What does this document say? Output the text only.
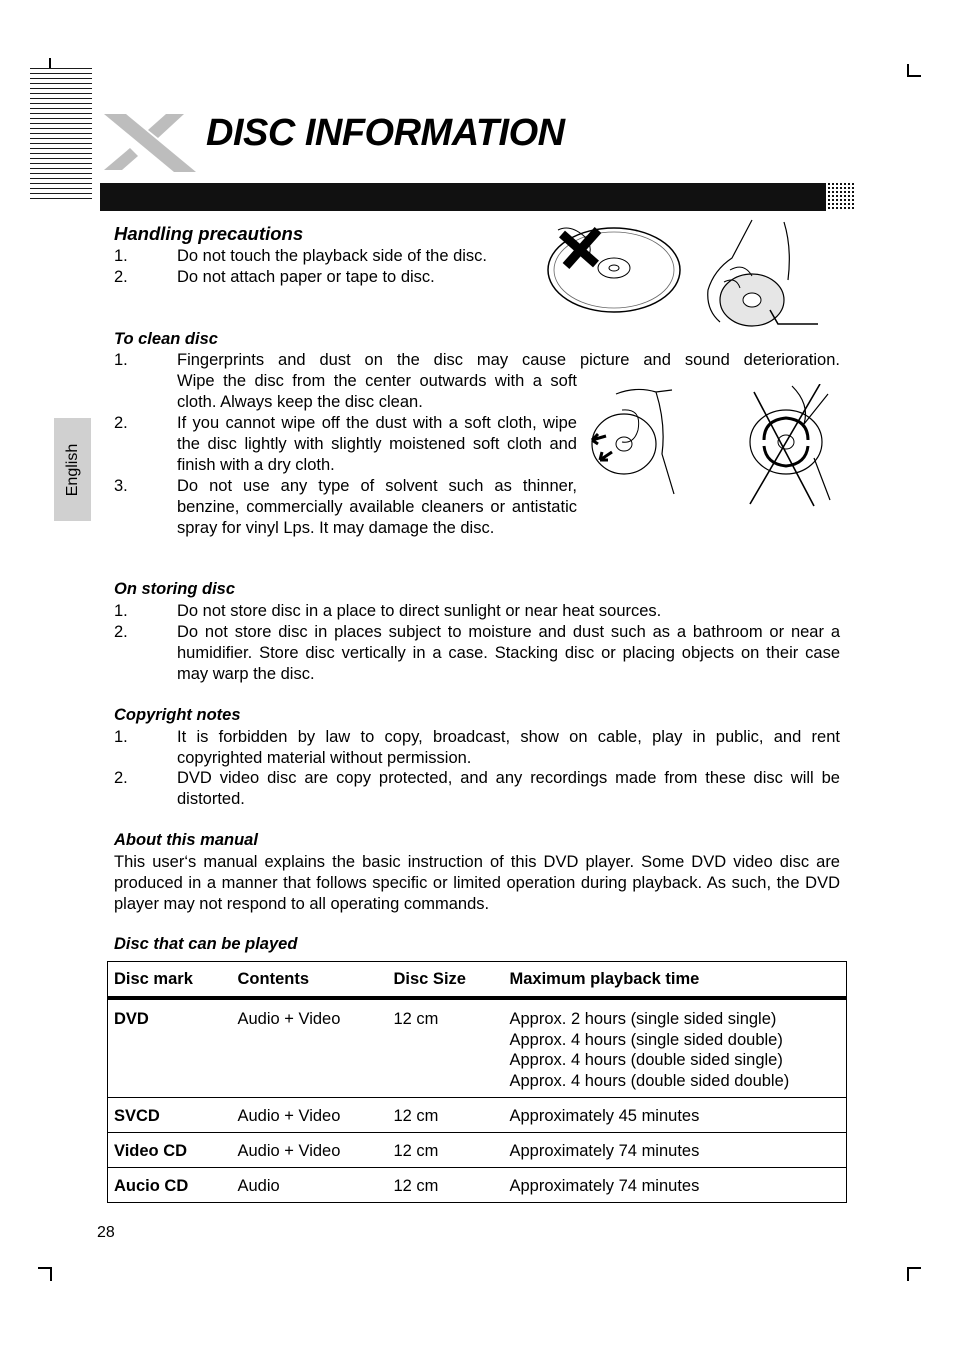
DISC INFORMATION
English
Handling precautions
1.	Do not touch the playback side of the disc.
2.	Do not attach paper or tape to disc.
To clean disc
1.	Fingerprints and dust on the disc may cause picture and sound deterioration.
Wipe the disc from the center outwards with a soft cloth. Always keep the disc clean.
2.	If you cannot wipe off the dust with a soft cloth, wipe the disc lightly with slightly moistened soft cloth and finish with a dry cloth.
3.	Do not use any type of solvent such as thinner, benzine, commercially available cleaners or antistatic spray for vinyl Lps. It may damage the disc.
On storing disc
1.	Do not store disc in a place to direct sunlight or near heat sources.
2.	Do not store disc in places subject to moisture and dust such as a bathroom or near a humidifier. Store disc vertically in a case. Stacking disc or placing objects on their case may warp the disc.
Copyright notes
1.	It is forbidden by law to copy, broadcast, show on cable, play in public, and rent copyrighted material without permission.
2.	DVD video disc are copy protected, and any recordings made from these disc will be distorted.
About this manual
This user‘s manual explains the basic instruction of this DVD player. Some DVD video disc are produced in a manner that follows specific or limited operation during playback. As such, the DVD player may not respond to all operating commands.
Disc that can be played
Disc mark	Contents	Disc Size	Maximum playback time
DVD	Audio + Video	12 cm	Approx. 2 hours (single sided single)
Approx. 4 hours (single sided double)
Approx. 4 hours (double sided single)
Approx. 4 hours (double sided double)

SVCD	Audio + Video	12 cm	Approximately 45 minutes
Video CD	Audio + Video	12 cm	Approximately 74 minutes
Aucio CD	Audio	12 cm	Approximately 74 minutes
28
